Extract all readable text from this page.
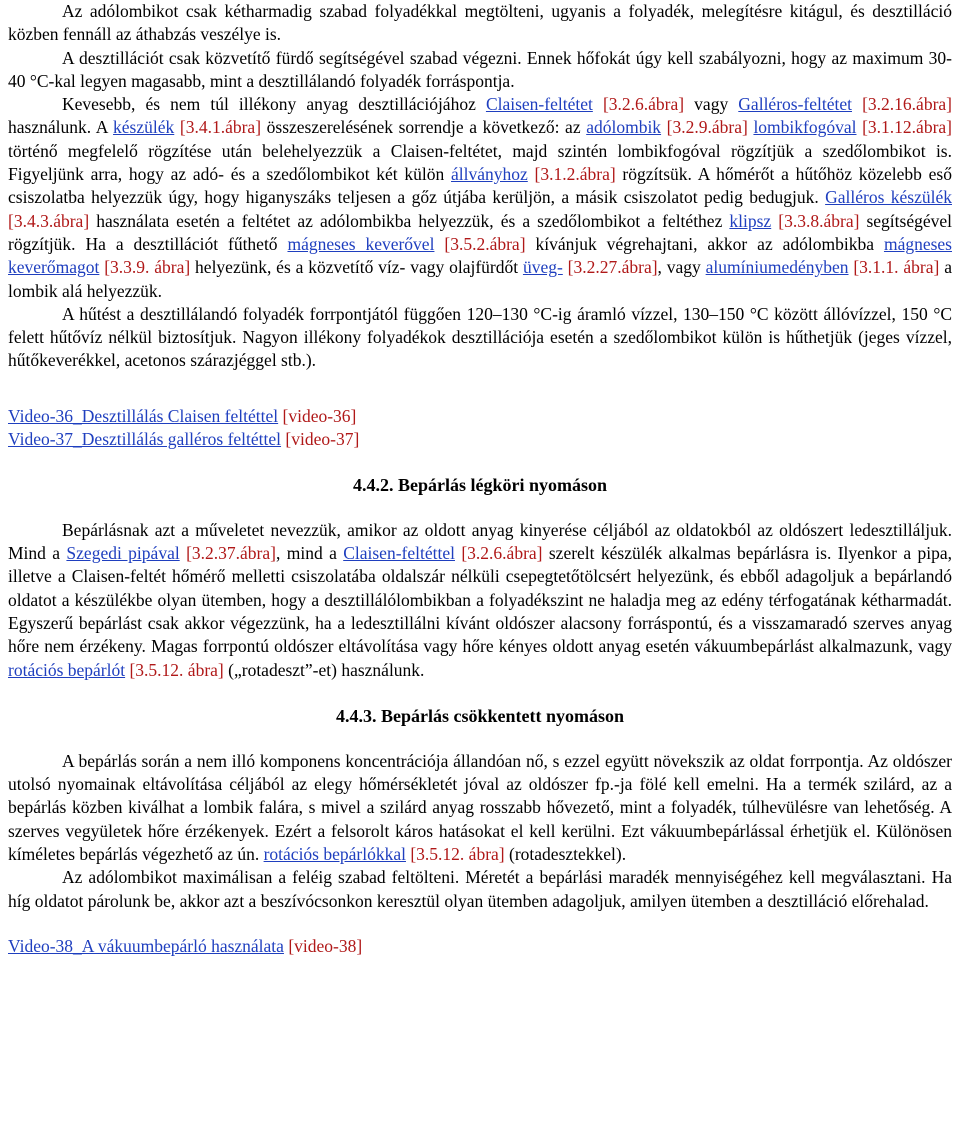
Az adólombikot csak kétharmadig szabad folyadékkal megtölteni, ugyanis a folyadék, melegítésre kitágul, és desztilláció közben fennáll az áthabzás veszélye is.

A desztillációt csak közvetítő fürdő segítségével szabad végezni. Ennek hőfokát úgy kell szabályozni, hogy az maximum 30-40 °C-kal legyen magasabb, mint a desztillálandó folyadék forráspontja.

Kevesebb, és nem túl illékony anyag desztillációjához Claisen-feltétet [3.2.6.ábra] vagy Galléros-feltétet [3.2.16.ábra] használunk. A készülék [3.4.1.ábra] összeszerelésének sorrendje a következő: az adólombik [3.2.9.ábra] lombikfogóval [3.1.12.ábra] történő megfelelő rögzítése után belehelyezzük a Claisen-feltétet, majd szintén lombikfogóval rögzítjük a szedőlombikot is. Figyeljünk arra, hogy az adó- és a szedőlombikot két külön állványhoz [3.1.2.ábra] rögzítsük. A hőmérőt a hűtőhöz közelebb eső csiszolatba helyezzük úgy, hogy higanyszáks teljesen a gőz útjába kerüljön, a másik csiszolatot pedig bedugjuk. Galléros készülék [3.4.3.ábra] használata esetén a feltétet az adólombikba helyezzük, és a szedőlombikot a feltéthez klipsz [3.3.8.ábra] segítségével rögzítjük. Ha a desztillációt fűthető mágneses keverővel [3.5.2.ábra] kívánjuk végrehajtani, akkor az adólombikba mágneses keverőmagot [3.3.9. ábra] helyezünk, és a közvetítő víz- vagy olajfürdőt üveg- [3.2.27.ábra], vagy alumíniumedényben [3.1.1. ábra] a lombik alá helyezzük.

A hűtést a desztillálandó folyadék forrpontjától függően 120–130 °C-ig áramló vízzel, 130–150 °C között állóvízzel, 150 °C felett hűtővíz nélkül biztosítjuk. Nagyon illékony folyadékok desztillációja esetén a szedőlombikot külön is hűthetjük (jeges vízzel, hűtőkeverékkel, acetonos szárazjéggel stb.).

Video-36_Desztillálás Claisen feltéttel [video-36]
Video-37_Desztillálás galléros feltéttel [video-37]
4.4.2. Bepárlás légköri nyomáson

Bepárlásnak azt a műveletet nevezzük, amikor az oldott anyag kinyerése céljából az oldatokból az oldószert ledesztilláljuk. Mind a Szegedi pipával [3.2.37.ábra], mind a Claisen-feltéttel [3.2.6.ábra] szerelt készülék alkalmas bepárlásra is. Ilyenkor a pipa, illetve a Claisen-feltét hőmérő melletti csiszolatába oldalszár nélküli csepegtetőtölcsért helyezünk, és ebből adagoljuk a bepárlandó oldatot a készülékbe olyan ütemben, hogy a desztillálólombikban a folyadékszint ne haladja meg az edény térfogatának kétharmadát. Egyszerű bepárlást csak akkor végezzünk, ha a ledesztillálni kívánt oldószer alacsony forráspontú, és a visszamaradó szerves anyag hőre nem érzékeny. Magas forrpontú oldószer eltávolítása vagy hőre kényes oldott anyag esetén vákuumbepárlást alkalmazunk, vagy rotációs bepárlót [3.5.12. ábra] („rotadeszt”-et) használunk.

4.4.3. Bepárlás csökkentett nyomáson

A bepárlás során a nem illó komponens koncentrációja állandóan nő, s ezzel együtt növekszik az oldat forrpontja. Az oldószer utolsó nyomainak eltávolítása céljából az elegy hőmérsékletét jóval az oldószer fp.-ja fölé kell emelni. Ha a termék szilárd, az a bepárlás közben kiválhat a lombik falára, s mivel a szilárd anyag rosszabb hővezető, mint a folyadék, túlhevülésre van lehetőség. A szerves vegyületek hőre érzékenyek. Ezért a felsorolt káros hatásokat el kell kerülni. Ezt vákuumbepárlással érhetjük el. Különösen kíméletes bepárlás végezhető az ún. rotációs bepárlókkal [3.5.12. ábra] (rotadesztekkel).

Az adólombikot maximálisan a feléig szabad feltölteni. Méretét a bepárlási maradék mennyiségéhez kell megválasztani. Ha híg oldatot párolunk be, akkor azt a beszívócsonkon keresztül olyan ütemben adagoljuk, amilyen ütemben a desztilláció előrehalad.

Video-38_A vákuumbepárló használata [video-38]
